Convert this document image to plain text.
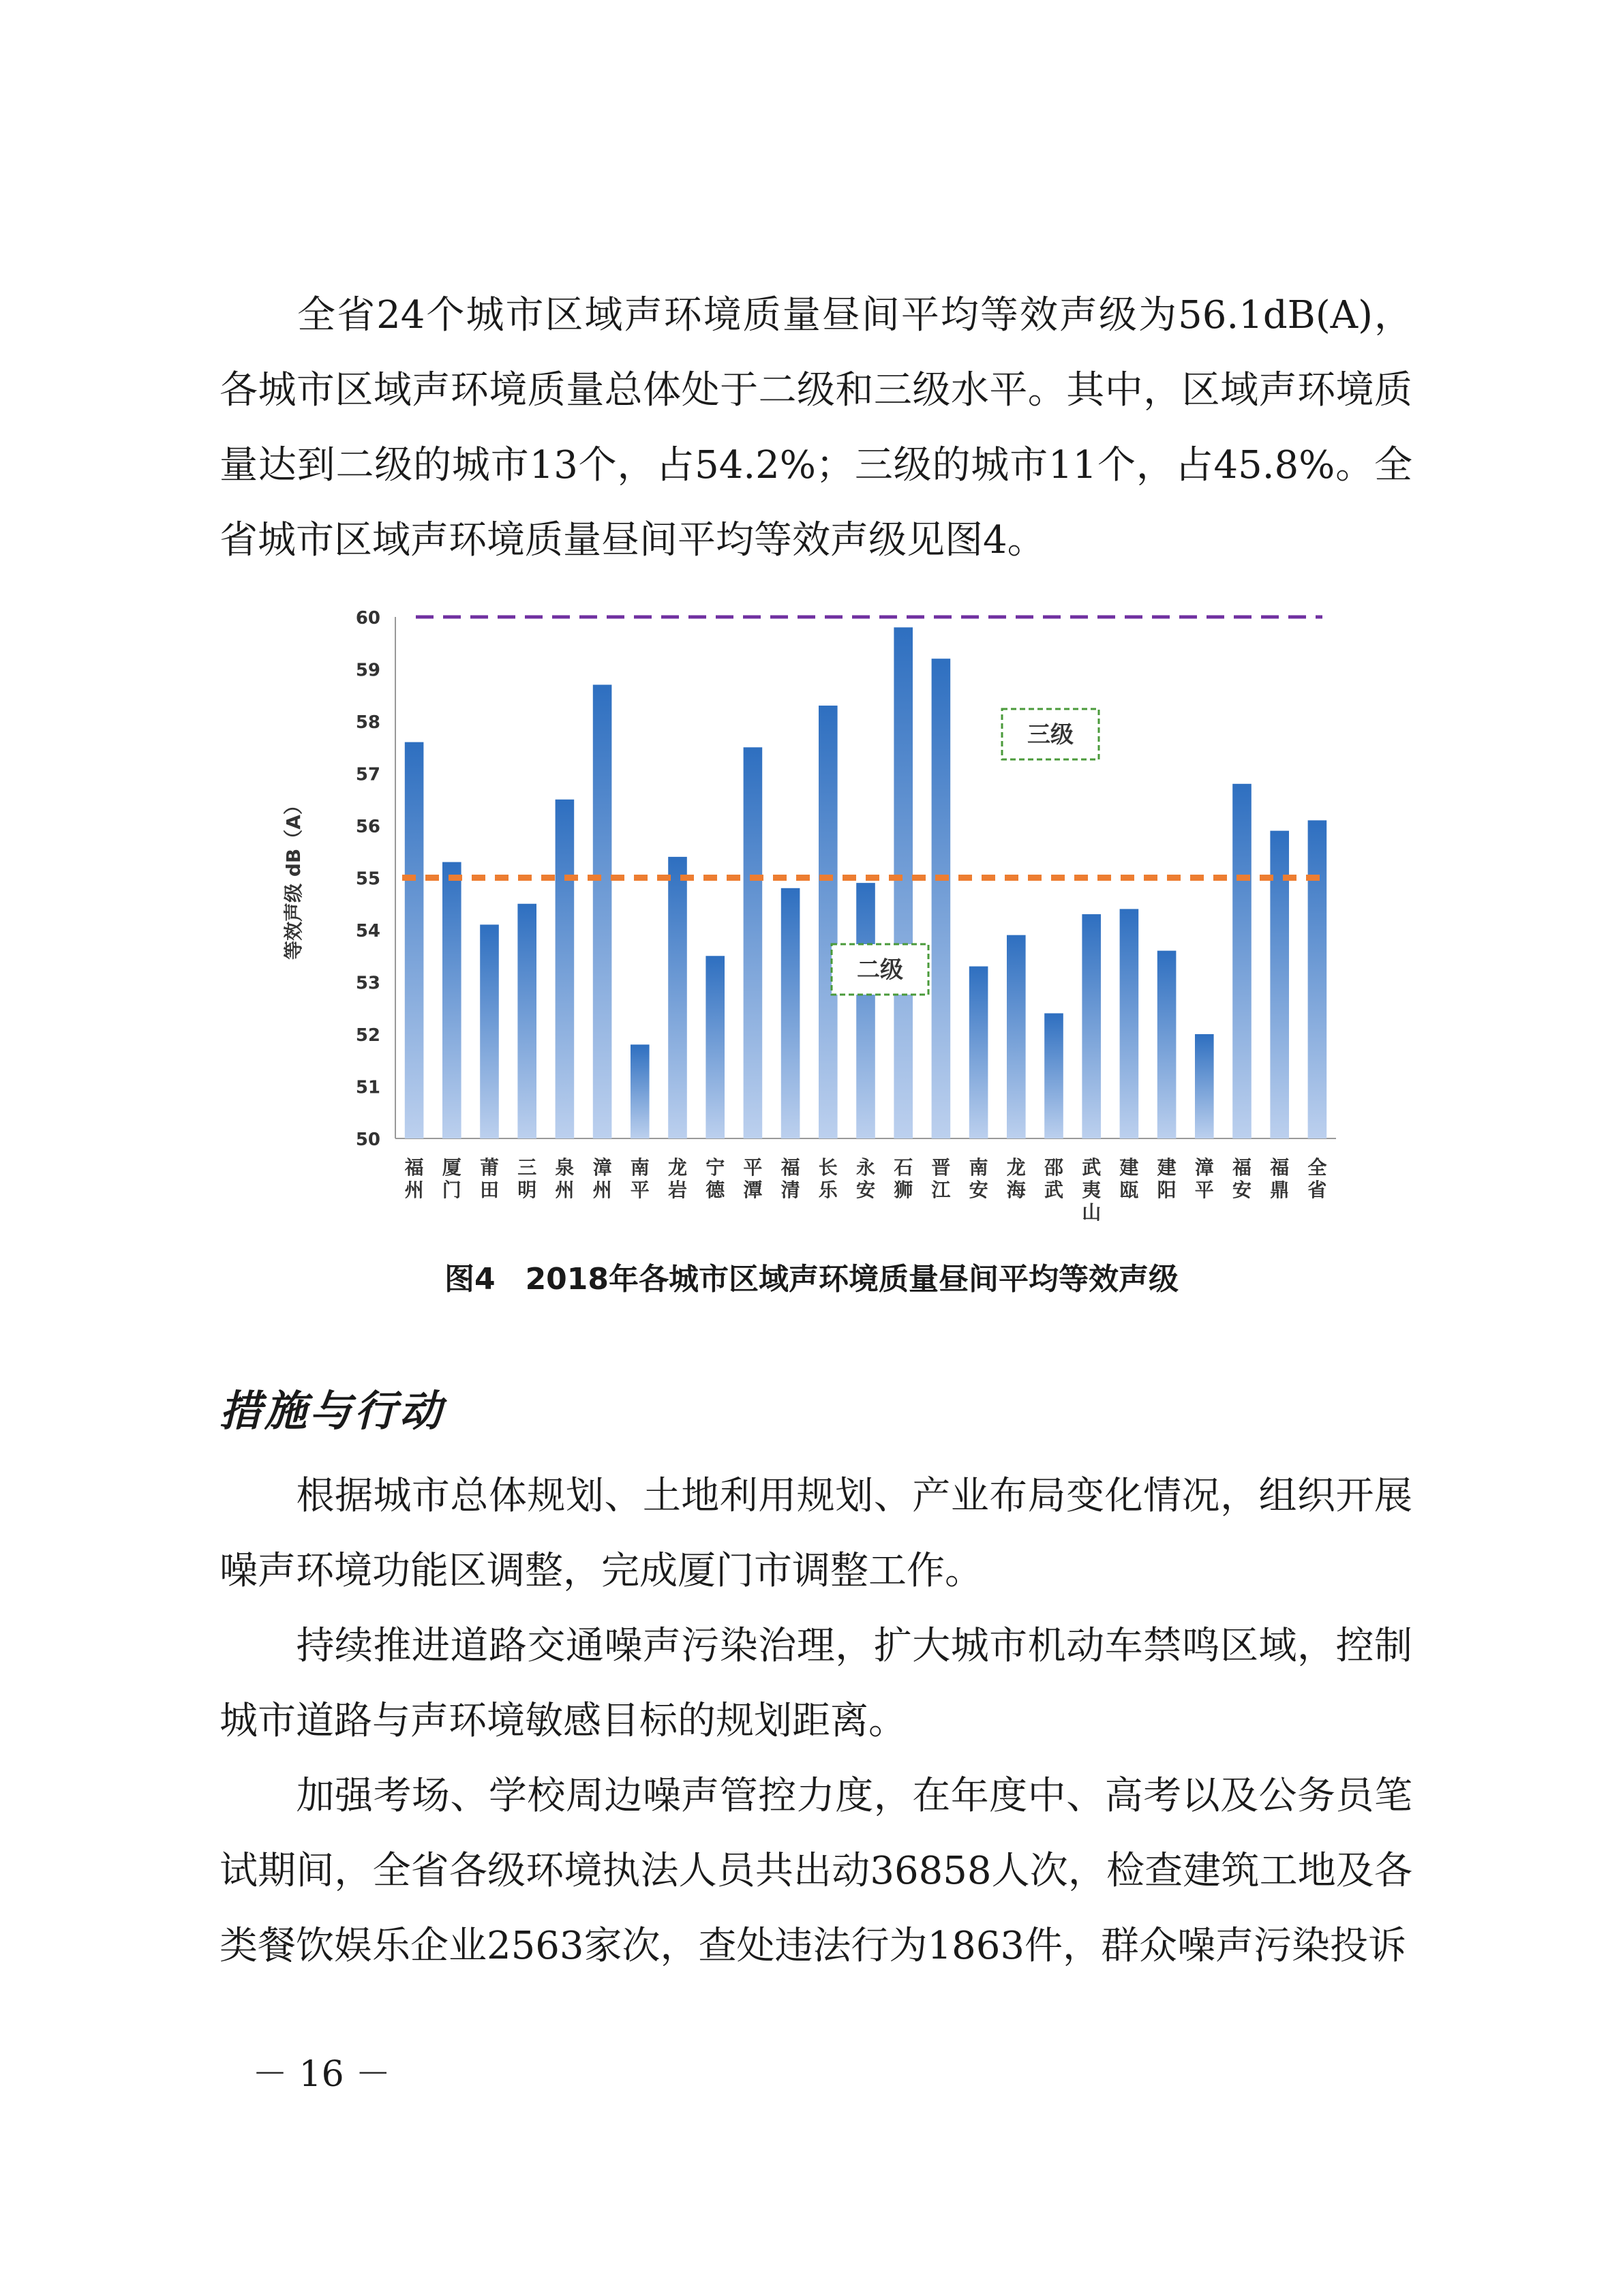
全省24个城市区域声环境质量昼间平均等效声级为56.1dB(A)，各城市区域声环境质量总体处于二级和三级水平。其中，区域声环境质量达到二级的城市13个，占54.2%；三级的城市11个，占45.8%。全省城市区域声环境质量昼间平均等效声级见图4。
50
51
52
53
54
55
56
57
58
59
60
等效声级 dB（A）
三级
二级
福州
厦门
莆田
三明
泉州
漳州
南平
龙岩
宁德
平潭
福清
长乐
永安
石狮
晋江
南安
龙海
邵武
武夷山
建瓯
建阳
漳平
福安
福鼎
全省
图4　2018年各城市区域声环境质量昼间平均等效声级
措施与行动
根据城市总体规划、土地利用规划、产业布局变化情况，组织开展噪声环境功能区调整，完成厦门市调整工作。
持续推进道路交通噪声污染治理，扩大城市机动车禁鸣区域，控制城市道路与声环境敏感目标的规划距离。
加强考场、学校周边噪声管控力度，在年度中、高考以及公务员笔试期间，全省各级环境执法人员共出动36858人次，检查建筑工地及各类餐饮娱乐企业2563家次，查处违法行为1863件，群众噪声污染投诉
－ 16 －
